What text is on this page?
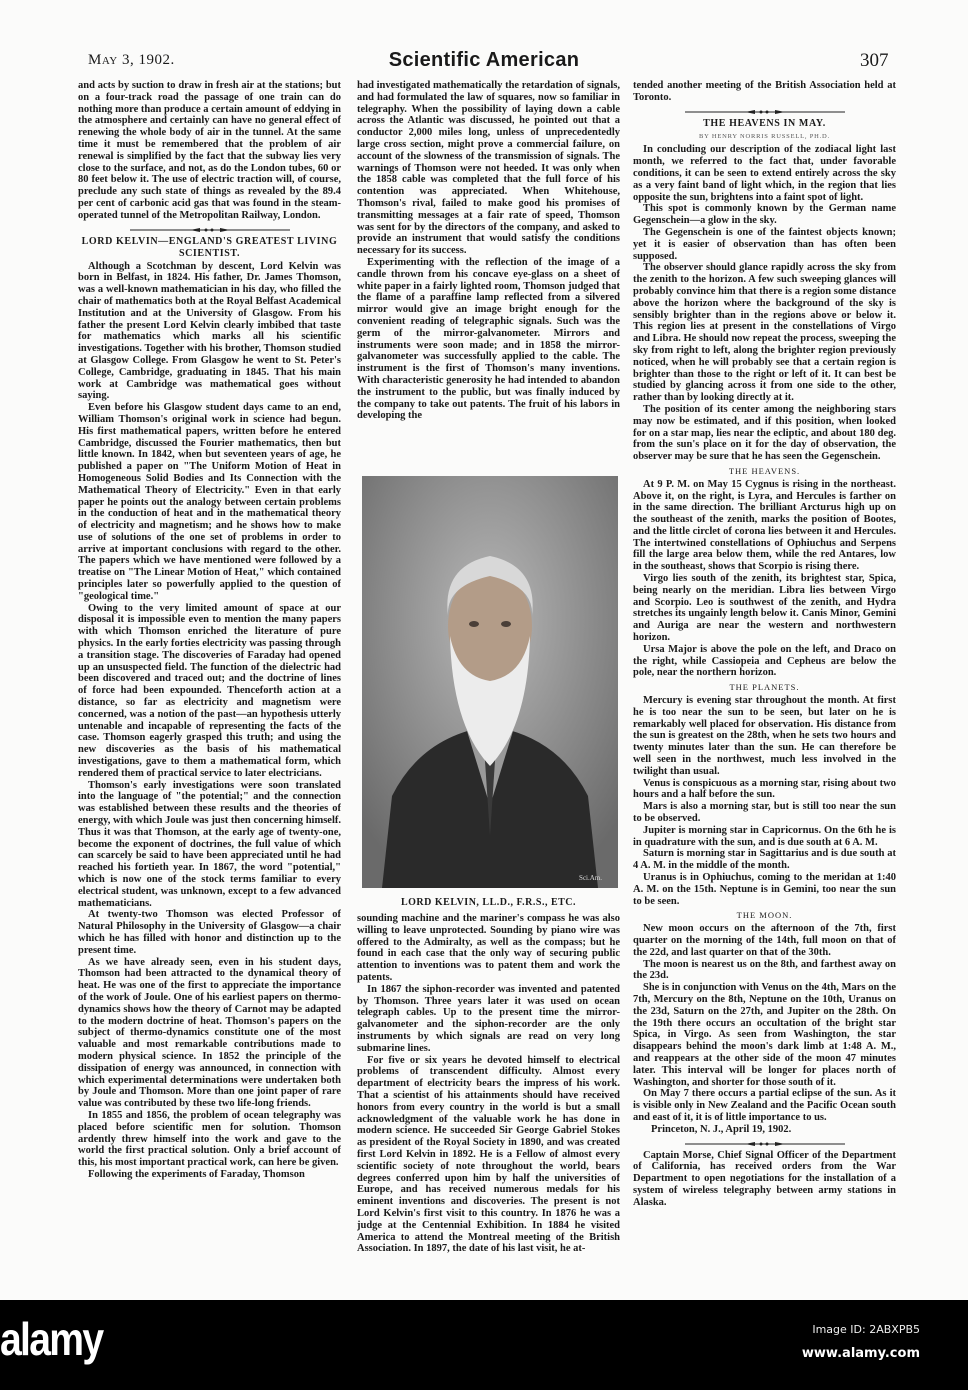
May 3, 1902.	Scientific American	307

and acts by suction to draw in fresh air at the stations; but on a four-track road the passage of one train can do nothing more than produce a certain amount of eddying in the atmosphere and certainly can have no general effect of renewing the whole body of air in the tunnel. At the same time it must be remembered that the problem of air renewal is simplified by the fact that the subway lies very close to the surface, and not, as do the London tubes, 60 or 80 feet below it. The use of electric traction will, of course, preclude any such state of things as revealed by the 89.4 per cent of carbonic acid gas that was found in the steam-operated tunnel of the Metropolitan Railway, London.

LORD KELVIN—ENGLAND'S GREATEST LIVING SCIENTIST.

Although a Scotchman by descent, Lord Kelvin was born in Belfast, in 1824. His father, Dr. James Thomson, was a well-known mathematician in his day, who filled the chair of mathematics both at the Royal Belfast Academical Institution and at the University of Glasgow. From his father the present Lord Kelvin clearly imbibed that taste for mathematics which marks all his scientific investigations. Together with his brother, Thomson studied at Glasgow College. From Glasgow he went to St. Peter's College, Cambridge, graduating in 1845. That his main work at Cambridge was mathematical goes without saying.

Even before his Glasgow student days came to an end, William Thomson's original work in science had begun. His first mathematical papers, written before he entered Cambridge, discussed the Fourier mathematics, then but little known. In 1842, when but seventeen years of age, he published a paper on "The Uniform Motion of Heat in Homogeneous Solid Bodies and Its Connection with the Mathematical Theory of Electricity." Even in that early paper he points out the analogy between certain problems in the conduction of heat and in the mathematical theory of electricity and magnetism; and he shows how to make use of solutions of the one set of problems in order to arrive at important conclusions with regard to the other. The papers which we have mentioned were followed by a treatise on "The Linear Motion of Heat," which contained principles later so powerfully applied to the question of "geological time."

Owing to the very limited amount of space at our disposal it is impossible even to mention the many papers with which Thomson enriched the literature of pure physics. In the early forties electricity was passing through a transition stage. The discoveries of Faraday had opened up an unsuspected field. The function of the dielectric had been discovered and traced out; and the doctrine of lines of force had been expounded. Thenceforth action at a distance, so far as electricity and magnetism were concerned, was a notion of the past—an hypothesis utterly untenable and incapable of representing the facts of the case. Thomson eagerly grasped this truth; and using the new discoveries as the basis of his mathematical investigations, gave to them a mathematical form, which rendered them of practical service to later electricians.

Thomson's early investigations were soon translated into the language of "the potential;" and the connection was established between these results and the theories of energy, with which Joule was just then concerning himself. Thus it was that Thomson, at the early age of twenty-one, become the exponent of doctrines, the full value of which can scarcely be said to have been appreciated until he had reached his fortieth year. In 1867, the word "potential," which is now one of the stock terms familiar to every electrical student, was unknown, except to a few advanced mathematicians.

At twenty-two Thomson was elected Professor of Natural Philosophy in the University of Glasgow—a chair which he has filled with honor and distinction up to the present time.

As we have already seen, even in his student days, Thomson had been attracted to the dynamical theory of heat. He was one of the first to appreciate the importance of the work of Joule. One of his earliest papers on thermo-dynamics shows how the theory of Carnot may be adapted to the modern doctrine of heat. Thomson's papers on the subject of thermo-dynamics constitute one of the most valuable and most remarkable contributions made to modern physical science. In 1852 the principle of the dissipation of energy was announced, in connection with which experimental determinations were undertaken both by Joule and Thomson. More than one joint paper of rare value was contributed by these two life-long friends.

In 1855 and 1856, the problem of ocean telegraphy was placed before scientific men for solution. Thomson ardently threw himself into the work and gave to the world the first practical solution. Only a brief account of this, his most important practical work, can here be given.

Following the experiments of Faraday, Thomson

had investigated mathematically the retardation of signals, and had formulated the law of squares, now so familiar in telegraphy. When the possibility of laying down a cable across the Atlantic was discussed, he pointed out that a conductor 2,000 miles long, unless of unprecedentedly large cross section, might prove a commercial failure, on account of the slowness of the transmission of signals. The warnings of Thomson were not heeded. It was only when the 1858 cable was completed that the full force of his contention was appreciated. When Whitehouse, Thomson's rival, failed to make good his promises of transmitting messages at a fair rate of speed, Thomson was sent for by the directors of the company, and asked to provide an instrument that would satisfy the conditions necessary for its success.

Experimenting with the reflection of the image of a candle thrown from his concave eye-glass on a sheet of white paper in a fairly lighted room, Thomson judged that the flame of a paraffine lamp reflected from a silvered mirror would give an image bright enough for the convenient reading of telegraphic signals. Such was the germ of the mirror-galvanometer. Mirrors and instruments were soon made; and in 1858 the mirror-galvanometer was successfully applied to the cable. The instrument is the first of Thomson's many inventions. With characteristic generosity he had intended to abandon the instrument to the public, but was finally induced by the company to take out patents. The fruit of his labors in developing the

Sci.Am.
LORD KELVIN, LL.D., F.R.S., ETC.

sounding machine and the mariner's compass he was also willing to leave unprotected. Sounding by piano wire was offered to the Admiralty, as well as the compass; but he found in each case that the only way of securing public attention to inventions was to patent them and work the patents.

In 1867 the siphon-recorder was invented and patented by Thomson. Three years later it was used on ocean telegraph cables. Up to the present time the mirror-galvanometer and the siphon-recorder are the only instruments by which signals are read on very long submarine lines.

For five or six years he devoted himself to electrical problems of transcendent difficulty. Almost every department of electricity bears the impress of his work. That a scientist of his attainments should have received honors from every country in the world is but a small acknowledgment of the valuable work he has done in modern science. He succeeded Sir George Gabriel Stokes as president of the Royal Society in 1890, and was created first Lord Kelvin in 1892. He is a Fellow of almost every scientific society of note throughout the world, bears degrees conferred upon him by half the universities of Europe, and has received numerous medals for his eminent inventions and discoveries. The present is not Lord Kelvin's first visit to this country. In 1876 he was a judge at the Centennial Exhibition. In 1884 he visited America to attend the Montreal meeting of the British Association. In 1897, the date of his last visit, he at-

tended another meeting of the British Association held at Toronto.

THE HEAVENS IN MAY.
BY HENRY NORRIS RUSSELL, PH.D.

In concluding our description of the zodiacal light last month, we referred to the fact that, under favorable conditions, it can be seen to extend entirely across the sky as a very faint band of light which, in the region that lies opposite the sun, brightens into a faint spot of light.

This spot is commonly known by the German name Gegenschein—a glow in the sky.

The Gegenschein is one of the faintest objects known; yet it is easier of observation than has often been supposed.

The observer should glance rapidly across the sky from the zenith to the horizon. A few such sweeping glances will probably convince him that there is a region some distance above the horizon where the background of the sky is sensibly brighter than in the regions above or below it. This region lies at present in the constellations of Virgo and Libra. He should now repeat the process, sweeping the sky from right to left, along the brighter region previously noticed, when he will probably see that a certain region is brighter than those to the right or left of it. It can best be studied by glancing across it from one side to the other, rather than by looking directly at it.

The position of its center among the neighboring stars may now be estimated, and if this position, when looked for on a star map, lies near the ecliptic, and about 180 deg. from the sun's place on it for the day of observation, the observer may be sure that he has seen the Gegenschein.

THE HEAVENS.

At 9 P. M. on May 15 Cygnus is rising in the northeast. Above it, on the right, is Lyra, and Hercules is farther on in the same direction. The brilliant Arcturus high up on the southeast of the zenith, marks the position of Bootes, and the little circlet of corona lies between it and Hercules. The intertwined constellations of Ophiuchus and Serpens fill the large area below them, while the red Antares, low in the southeast, shows that Scorpio is rising there.

Virgo lies south of the zenith, its brightest star, Spica, being nearly on the meridian. Libra lies between Virgo and Scorpio. Leo is southwest of the zenith, and Hydra stretches its ungainly length below it. Canis Minor, Gemini and Auriga are near the western and northwestern horizon.

Ursa Major is above the pole on the left, and Draco on the right, while Cassiopeia and Cepheus are below the pole, near the northern horizon.

THE PLANETS.

Mercury is evening star throughout the month. At first he is too near the sun to be seen, but later on he is remarkably well placed for observation. His distance from the sun is greatest on the 28th, when he sets two hours and twenty minutes later than the sun. He can therefore be well seen in the northwest, much less involved in the twilight than usual.

Venus is conspicuous as a morning star, rising about two hours and a half before the sun.

Mars is also a morning star, but is still too near the sun to be observed.

Jupiter is morning star in Capricornus. On the 6th he is in quadrature with the sun, and is due south at 6 A. M.

Saturn is morning star in Sagittarius and is due south at 4 A. M. in the middle of the month.

Uranus is in Ophiuchus, coming to the meridan at 1:40 A. M. on the 15th. Neptune is in Gemini, too near the sun to be seen.

THE MOON.

New moon occurs on the afternoon of the 7th, first quarter on the morning of the 14th, full moon on that of the 22d, and last quarter on that of the 30th.

The moon is nearest us on the 8th, and farthest away on the 23d.

She is in conjunction with Venus on the 4th, Mars on the 7th, Mercury on the 8th, Neptune on the 10th, Uranus on the 23d, Saturn on the 27th, and Jupiter on the 28th. On the 19th there occurs an occultation of the bright star Spica, in Virgo. As seen from Washington, the star disappears behind the moon's dark limb at 1:48 A. M., and reappears at the other side of the moon 47 minutes later. This interval will be longer for places north of Washington, and shorter for those south of it.

On May 7 there occurs a partial eclipse of the sun. As it is visible only in New Zealand and the Pacific Ocean south and east of it, it is of little importance to us.

Princeton, N. J., April 19, 1902.

Captain Morse, Chief Signal Officer of the Department of California, has received orders from the War Department to open negotiations for the installation of a system of wireless telegraphy between army stations in Alaska.

alamy	Image ID: 2ABXPB5
www.alamy.com
